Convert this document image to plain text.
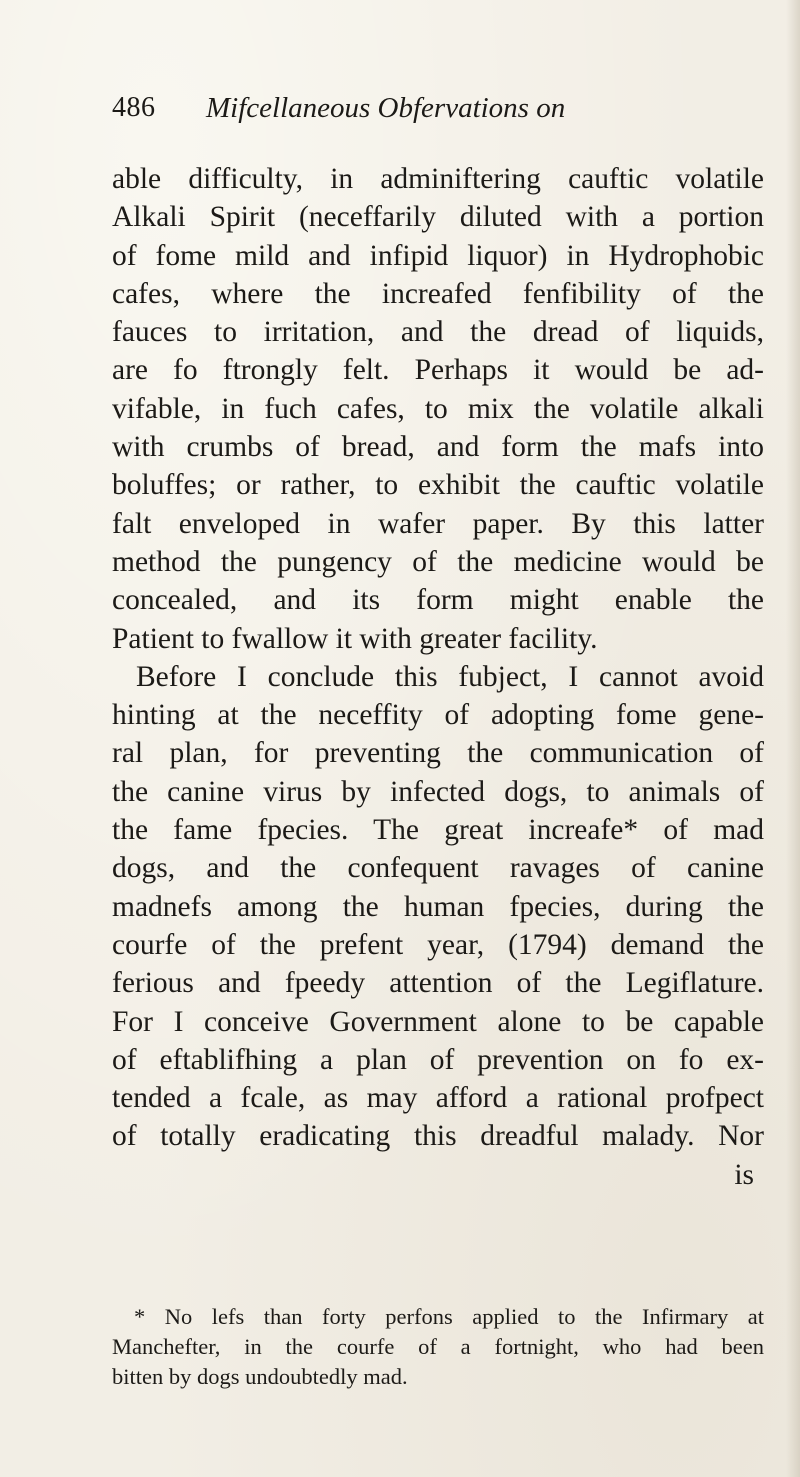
486 Mifcellaneous Obfervations on
able difficulty, in adminiftering cauftic volatile
Alkali Spirit (neceffarily diluted with a portion
of fome mild and infipid liquor) in Hydrophobic
cafes, where the increafed fenfibility of the
fauces to irritation, and the dread of liquids,
are fo ftrongly felt. Perhaps it would be ad-
vifable, in fuch cafes, to mix the volatile alkali
with crumbs of bread, and form the mafs into
boluffes; or rather, to exhibit the cauftic volatile
falt enveloped in wafer paper. By this latter
method the pungency of the medicine would be
concealed, and its form might enable the
Patient to fwallow it with greater facility.
Before I conclude this fubject, I cannot avoid
hinting at the neceffity of adopting fome gene-
ral plan, for preventing the communication of
the canine virus by infected dogs, to animals of
the fame fpecies. The great increafe* of mad
dogs, and the confequent ravages of canine
madnefs among the human fpecies, during the
courfe of the prefent year, (1794) demand the
ferious and fpeedy attention of the Legiflature.
For I conceive Government alone to be capable
of eftablifhing a plan of prevention on fo ex-
tended a fcale, as may afford a rational profpect
of totally eradicating this dreadful malady. Nor
is
* No lefs than forty perfons applied to the Infirmary at
Manchefter, in the courfe of a fortnight, who had been
bitten by dogs undoubtedly mad.
